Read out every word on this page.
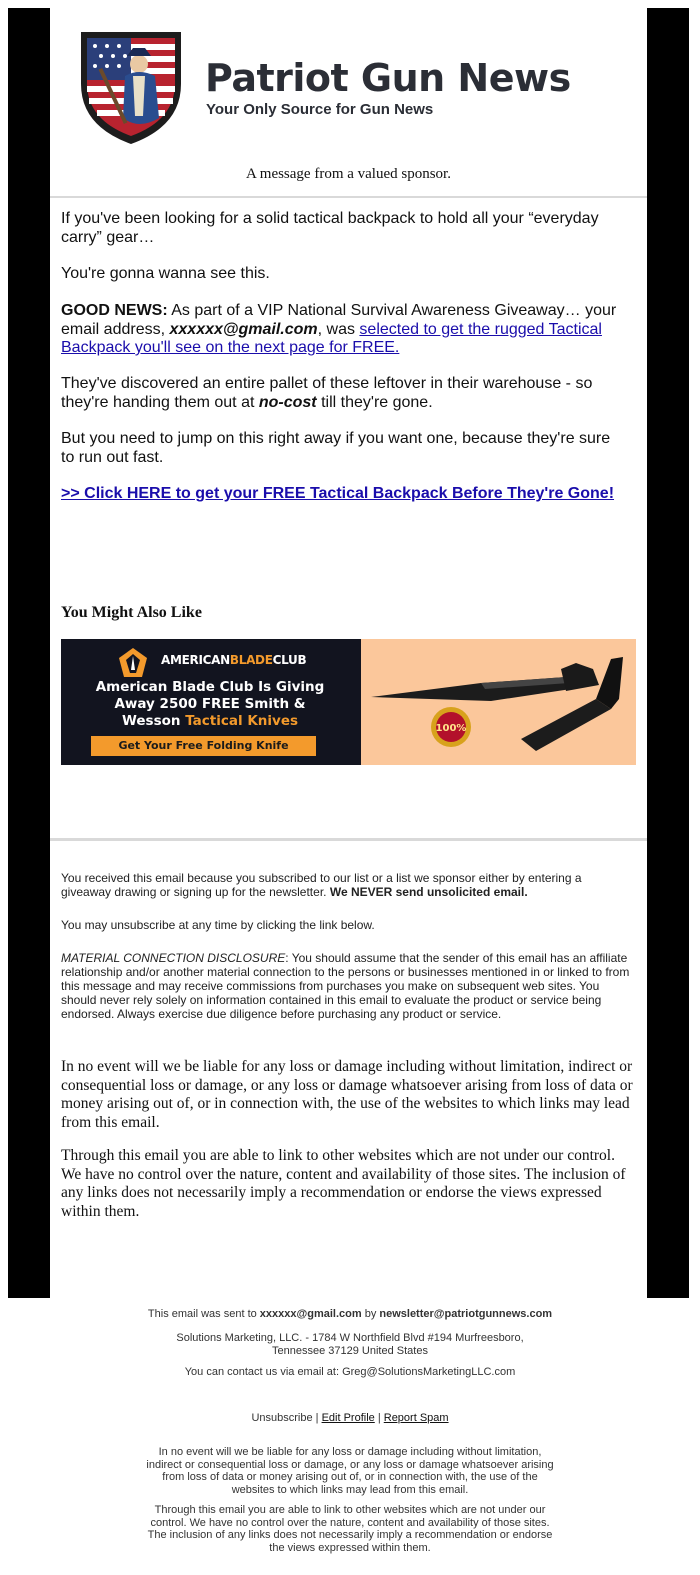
Patriot Gun News

Your Only Source for Gun News

A message from a valued sponsor.
If you've been looking for a solid tactical backpack to hold all your “everyday carry” gear…
You're gonna wanna see this.
GOOD NEWS: As part of a VIP National Survival Awareness Giveaway… your email address, xxxxxx@gmail.com, was selected to get the rugged Tactical Backpack you'll see on the next page for FREE.
They've discovered an entire pallet of these leftover in their warehouse - so they're handing them out at no-cost till they're gone.
But you need to jump on this right away if you want one, because they're sure to run out fast.
>> Click HERE to get your FREE Tactical Backpack Before They're Gone!
You Might Also Like
AMERICANBLADECLUB
American Blade Club Is Giving
Away 2500 FREE Smith &
Wesson Tactical Knives
Get Your Free Folding Knife
100%
You received this email because you subscribed to our list or a list we sponsor either by entering a giveaway drawing or signing up for the newsletter. We NEVER send unsolicited email.
You may unsubscribe at any time by clicking the link below.
MATERIAL CONNECTION DISCLOSURE: You should assume that the sender of this email has an affiliate relationship and/or another material connection to the persons or businesses mentioned in or linked to from this message and may receive commissions from purchases you make on subsequent web sites. You should never rely solely on information contained in this email to evaluate the product or service being endorsed. Always exercise due diligence before purchasing any product or service.
In no event will we be liable for any loss or damage including without limitation, indirect or consequential loss or damage, or any loss or damage whatsoever arising from loss of data or money arising out of, or in connection with, the use of the websites to which links may lead from this email.
Through this email you are able to link to other websites which are not under our control. We have no control over the nature, content and availability of those sites. The inclusion of any links does not necessarily imply a recommendation or endorse the views expressed within them.
This email was sent to xxxxxx@gmail.com by newsletter@patriotgunnews.com
Solutions Marketing, LLC. - 1784 W Northfield Blvd #194 Murfreesboro, Tennessee 37129 United States
You can contact us via email at: Greg@SolutionsMarketingLLC.com
Unsubscribe | Edit Profile | Report Spam
In no event will we be liable for any loss or damage including without limitation, indirect or consequential loss or damage, or any loss or damage whatsoever arising from loss of data or money arising out of, or in connection with, the use of the websites to which links may lead from this email.
Through this email you are able to link to other websites which are not under our control. We have no control over the nature, content and availability of those sites. The inclusion of any links does not necessarily imply a recommendation or endorse the views expressed within them.
